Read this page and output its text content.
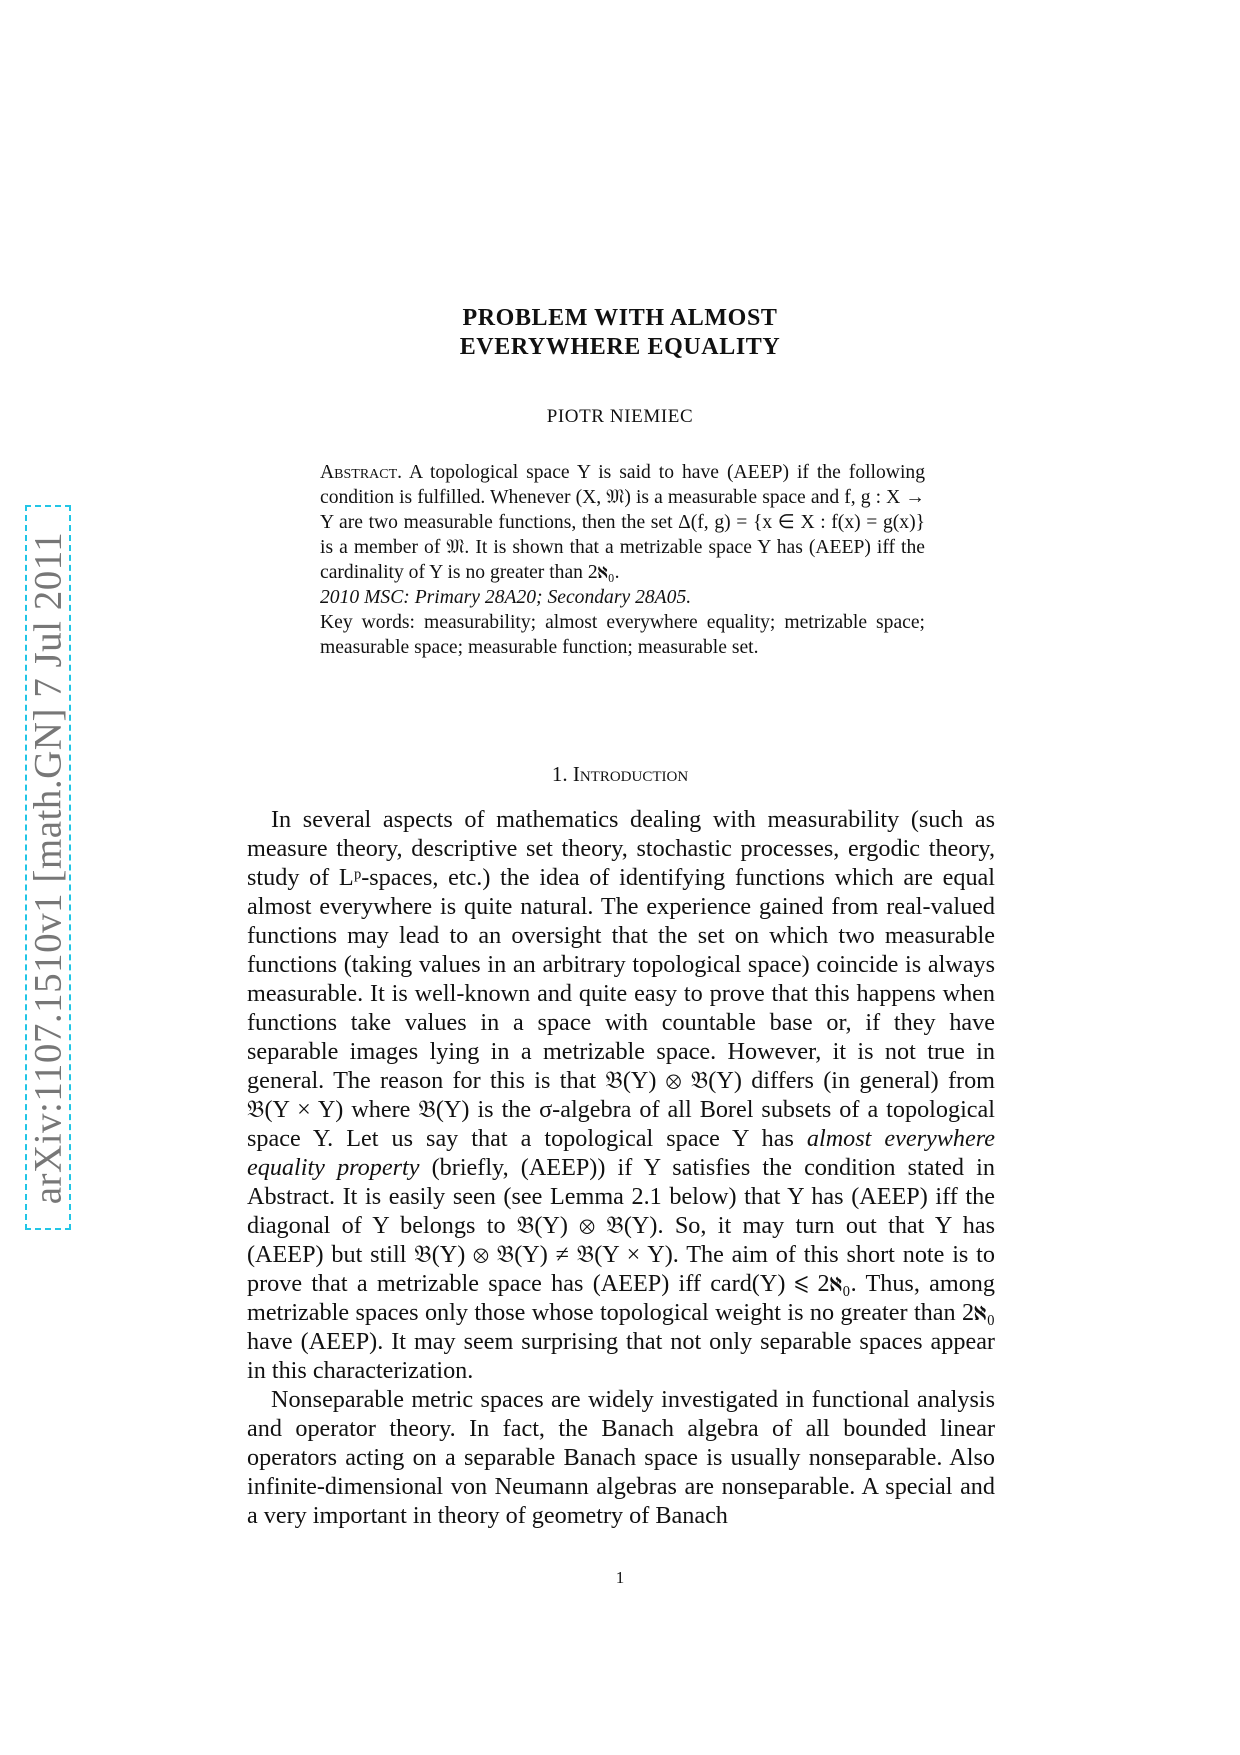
arXiv:1107.1510v1 [math.GN] 7 Jul 2011
PROBLEM WITH ALMOST
EVERYWHERE EQUALITY
PIOTR NIEMIEC

Abstract. A topological space Y is said to have (AEEP) if the following condition is fulfilled. Whenever (X, 𝔐) is a measurable space and f, g : X → Y are two measurable functions, then the set Δ(f, g) = {x ∈ X : f(x) = g(x)} is a member of 𝔐. It is shown that a metrizable space Y has (AEEP) iff the cardinality of Y is no greater than 2ℵ₀.

2010 MSC: Primary 28A20; Secondary 28A05.

Key words: measurability; almost everywhere equality; metrizable space; measurable space; measurable function; measurable set.

1. Introduction

In several aspects of mathematics dealing with measurability (such as measure theory, descriptive set theory, stochastic processes, ergodic theory, study of Lᵖ-spaces, etc.) the idea of identifying functions which are equal almost everywhere is quite natural. The experience gained from real-valued functions may lead to an oversight that the set on which two measurable functions (taking values in an arbitrary topological space) coincide is always measurable. It is well-known and quite easy to prove that this happens when functions take values in a space with countable base or, if they have separable images lying in a metrizable space. However, it is not true in general. The reason for this is that 𝔅(Y) ⊗ 𝔅(Y) differs (in general) from 𝔅(Y × Y) where 𝔅(Y) is the σ-algebra of all Borel subsets of a topological space Y. Let us say that a topological space Y has almost everywhere equality property (briefly, (AEEP)) if Y satisfies the condition stated in Abstract. It is easily seen (see Lemma 2.1 below) that Y has (AEEP) iff the diagonal of Y belongs to 𝔅(Y) ⊗ 𝔅(Y). So, it may turn out that Y has (AEEP) but still 𝔅(Y) ⊗ 𝔅(Y) ≠ 𝔅(Y × Y). The aim of this short note is to prove that a metrizable space has (AEEP) iff card(Y) ⩽ 2ℵ₀. Thus, among metrizable spaces only those whose topological weight is no greater than 2ℵ₀ have (AEEP). It may seem surprising that not only separable spaces appear in this characterization.

Nonseparable metric spaces are widely investigated in functional analysis and operator theory. In fact, the Banach algebra of all bounded linear operators acting on a separable Banach space is usually nonseparable. Also infinite-dimensional von Neumann algebras are nonseparable. A special and a very important in theory of geometry of Banach

1
